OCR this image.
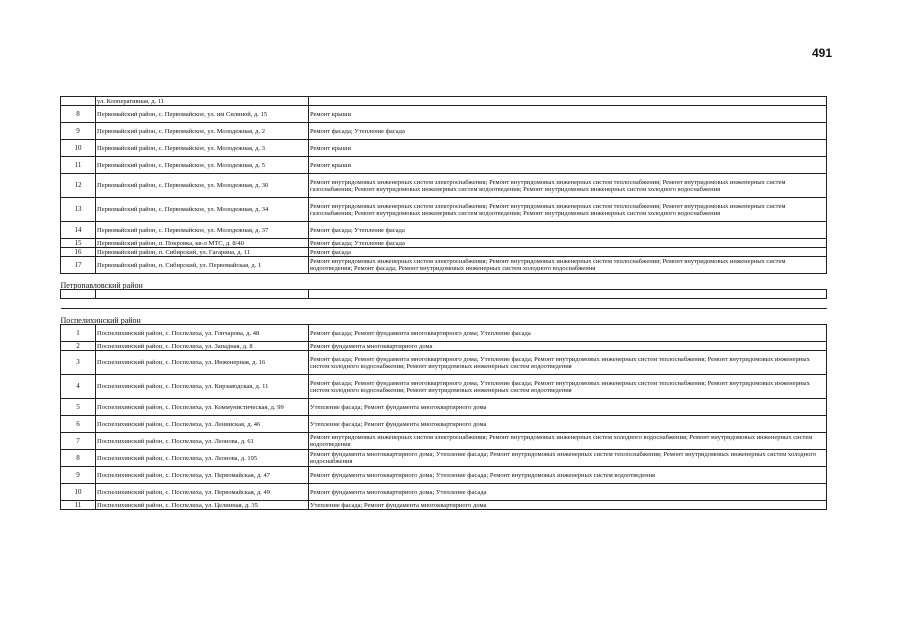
491
	ул. Кооперативная, д. 11	
8	Первомайский район, с. Первомайское, ул. им Силиной, д. 15	Ремонт крыши
9	Первомайский район, с. Первомайское, ул. Молодежная, д. 2	Ремонт фасада; Утепление фасада
10	Первомайский район, с. Первомайское, ул. Молодежная, д. 3	Ремонт крыши
11	Первомайский район, с. Первомайское, ул. Молодежная, д. 5	Ремонт крыши
12	Первомайский район, с. Первомайское, ул. Молодежная, д. 30	Ремонт внутридомовых инженерных систем электроснабжения; Ремонт внутридомовых инженерных систем теплоснабжения; Ремонт внутридомовых инженерных систем газоснабжения; Ремонт внутридомовых инженерных систем водоотведения; Ремонт внутридомовых инженерных систем холодного водоснабжения
13	Первомайский район, с. Первомайское, ул. Молодежная, д. 34	Ремонт внутридомовых инженерных систем электроснабжения; Ремонт внутридомовых инженерных систем теплоснабжения; Ремонт внутридомовых инженерных систем газоснабжения; Ремонт внутридомовых инженерных систем водоотведения; Ремонт внутридомовых инженерных систем холодного водоснабжения
14	Первомайский район, с. Первомайское, ул. Молодежная, д. 37	Ремонт фасада; Утепление фасада
15	Первомайский район, п. Покровка, кв-л МТС, д. 8/40	Ремонт фасада; Утепление фасада
16	Первомайский район, п. Сибирский, ул. Гагарина, д. 11	Ремонт фасада
17	Первомайский район, п. Сибирский, ул. Первомайская, д. 1	Ремонт внутридомовых инженерных систем электроснабжения; Ремонт внутридомовых инженерных систем теплоснабжения; Ремонт внутридомовых инженерных систем водоотведения; Ремонт фасада; Ремонт внутридомовых инженерных систем холодного водоснабжения
Петропавловский район		

Поспелихинский район		
1	Поспелихинский район, с. Поспелиха, ул. Гончарова, д. 48	Ремонт фасада; Ремонт фундамента многоквартирного дома; Утепление фасада
2	Поспелихинский район, с. Поспелиха, ул. Западная, д. 8	Ремонт фундамента многоквартирного дома
3	Поспелихинский район, с. Поспелиха, ул. Инженерная, д. 16	Ремонт фасада; Ремонт фундамента многоквартирного дома; Утепление фасада; Ремонт внутридомовых инженерных систем теплоснабжения; Ремонт внутридомовых инженерных систем холодного водоснабжения; Ремонт внутридомовых инженерных систем водоотведения
4	Поспелихинский район, с. Поспелиха, ул. Кирзаводская, д. 11	Ремонт фасада; Ремонт фундамента многоквартирного дома; Утепление фасада; Ремонт внутридомовых инженерных систем теплоснабжения; Ремонт внутридомовых инженерных систем холодного водоснабжения; Ремонт внутридомовых инженерных систем водоотведения
5	Поспелихинский район, с. Поспелиха, ул. Коммунистическая, д. 99	Утепление фасада; Ремонт фундамента многоквартирного дома
6	Поспелихинский район, с. Поспелиха, ул. Ленинская, д. 46	Утепление фасада; Ремонт фундамента многоквартирного дома
7	Поспелихинский район, с. Поспелиха, ул. Леонова, д. 61	Ремонт внутридомовых инженерных систем электроснабжения; Ремонт внутридомовых инженерных систем холодного водоснабжения; Ремонт внутридомовых инженерных систем водоотведения
8	Поспелихинский район, с. Поспелиха, ул. Леонова, д. 195	Ремонт фундамента многоквартирного дома; Утепление фасада; Ремонт внутридомовых инженерных систем теплоснабжения; Ремонт внутридомовых инженерных систем холодного водоснабжения
9	Поспелихинский район, с. Поспелиха, ул. Первомайская, д. 47	Ремонт фундамента многоквартирного дома; Утепление фасада; Ремонт внутридомовых инженерных систем водоотведения
10	Поспелихинский район, с. Поспелиха, ул. Первомайская, д. 49	Ремонт фундамента многоквартирного дома; Утепление фасада
11	Поспелихинский район, с. Поспелиха, ул. Целинная, д. 35	Утепление фасада; Ремонт фундамента многоквартирного дома
